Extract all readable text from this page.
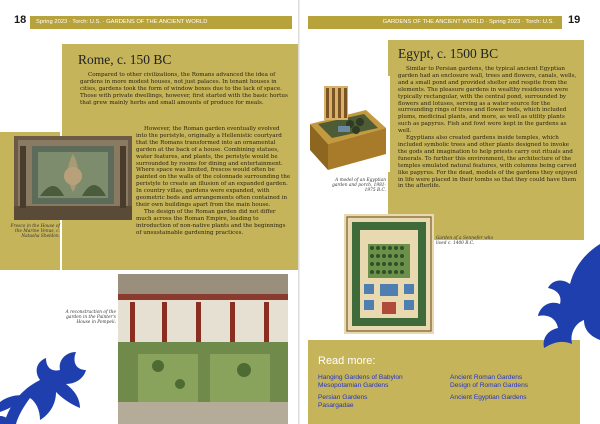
18 Spring 2023 · Torch: U.S. · GARDENS OF THE ANCIENT WORLD
Rome, c. 150 BC

Compared to other civilizations, the Romans advanced the idea of gardens in more modest houses, not just palaces. In tenant houses in cities, gardens took the form of window boxes due to the lack of space. Those with private dwellings, however, first started with the basic hortus that grew mainly herbs and small amounts of produce for meals.

However, the Roman garden eventually evolved into the peristyle, originally a Hellenistic courtyard that the Romans transformed into an ornamental garden at the back of a house. Combining statues, water features, and plants, the peristyle would be surrounded by rooms for dining and entertainment. Where space was limited, frescos would often be painted on the walls of the colonnade surrounding the peristyle to create an illusion of an expanded garden. In country villas, gardens were expanded, with geometric beds and arrangements often contained in their own buildings apart from the main house.

The design of the Roman garden did not differ much across the Roman Empire, leading to introduction of non-native plants and the beginnings of unsustainable gardening practices.

Fresco in the House of the Marine Venus, c. Natasha Sheldon.
A reconstruction of the garden in the Painter's House in Pompeii.
GARDENS OF THE ANCIENT WORLD · Spring 2023 · Torch: U.S. 19
Egypt, c. 1500 BC

Similar to Persian gardens, the typical ancient Egyptian garden had an enclosure wall, trees and flowers, canals, wells, and a small pond and provided shelter and respite from the elements. The pleasure gardens in wealthy residences were typically rectangular, with the central pond, surrounded by flowers and lotuses, serving as a water source for the surrounding rings of trees and flower beds, which included plums, medicinal plants, and more, as well as utility plants such as papyrus. Fish and fowl were kept in the gardens as well.

Egyptians also created gardens inside temples, which included symbolic trees and other plants designed to invoke the gods and imagination to help priests carry out rituals and funerals. To further this environment, the architecture of the temples emulated natural features, with columns being carved like papyrus. For the dead, models of the gardens they enjoyed in life were placed in their tombs so that they could have them in the afterlife.

A model of an Egyptian garden and porch, 1981-1975 B.C.
Garden of a Sennefer who lived c. 1400 B.C.
Read more:
Hanging Gardens of Babylon
Mesopotamian Gardens
Persian Gardens
Pasargadae
Ancient Roman Gardens
Design of Roman Gardens
Ancient Egyptian Gardens
